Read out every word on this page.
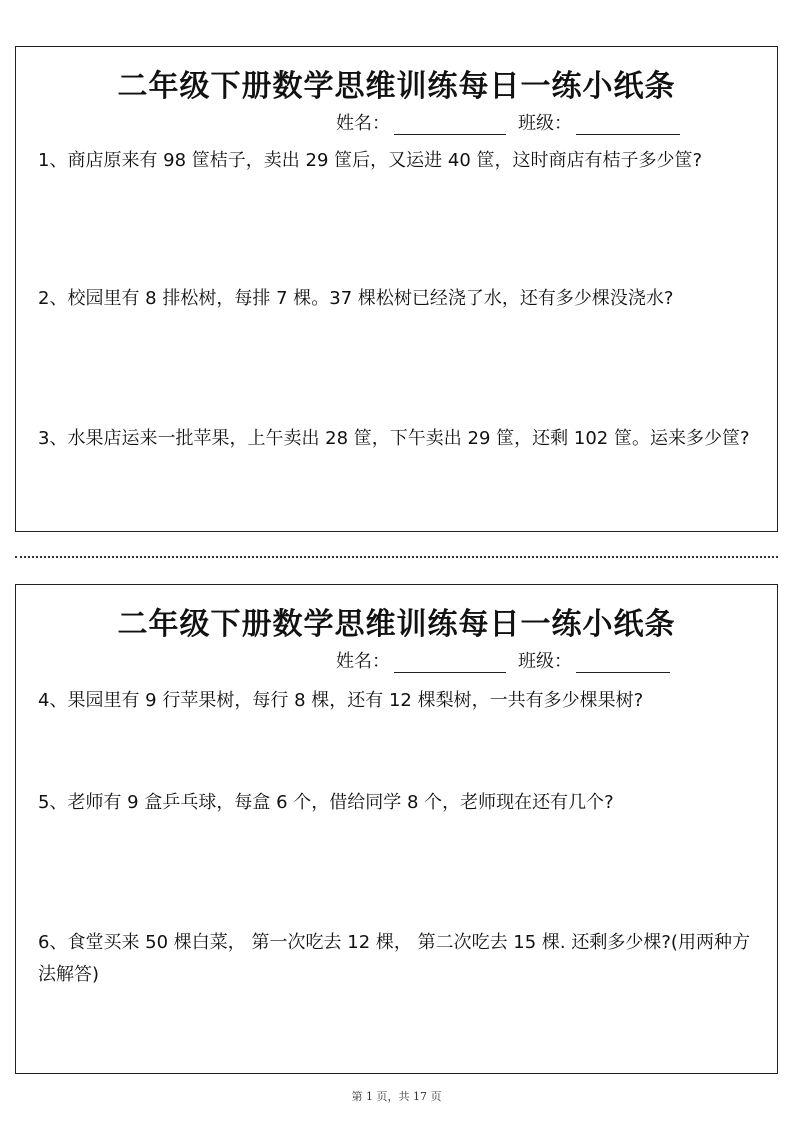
二年级下册数学思维训练每日一练小纸条
姓名：	班级：
1、商店原来有 98 筐桔子，卖出 29 筐后，又运进 40 筐，这时商店有桔子多少筐?
2、校园里有 8 排松树，每排 7 棵。37 棵松树已经浇了水，还有多少棵没浇水?
3、水果店运来一批苹果，上午卖出 28 筐，下午卖出 29 筐，还剩 102 筐。运来多少筐?
二年级下册数学思维训练每日一练小纸条
姓名：	班级：
4、果园里有 9 行苹果树，每行 8 棵，还有 12 棵梨树，一共有多少棵果树?
5、老师有 9 盒乒乓球，每盒 6 个，借给同学 8 个，老师现在还有几个?
6、食堂买来 50 棵白菜， 第一次吃去 12 棵， 第二次吃去 15 棵. 还剩多少棵?(用两种方法解答)
第 1 页，共 17 页
